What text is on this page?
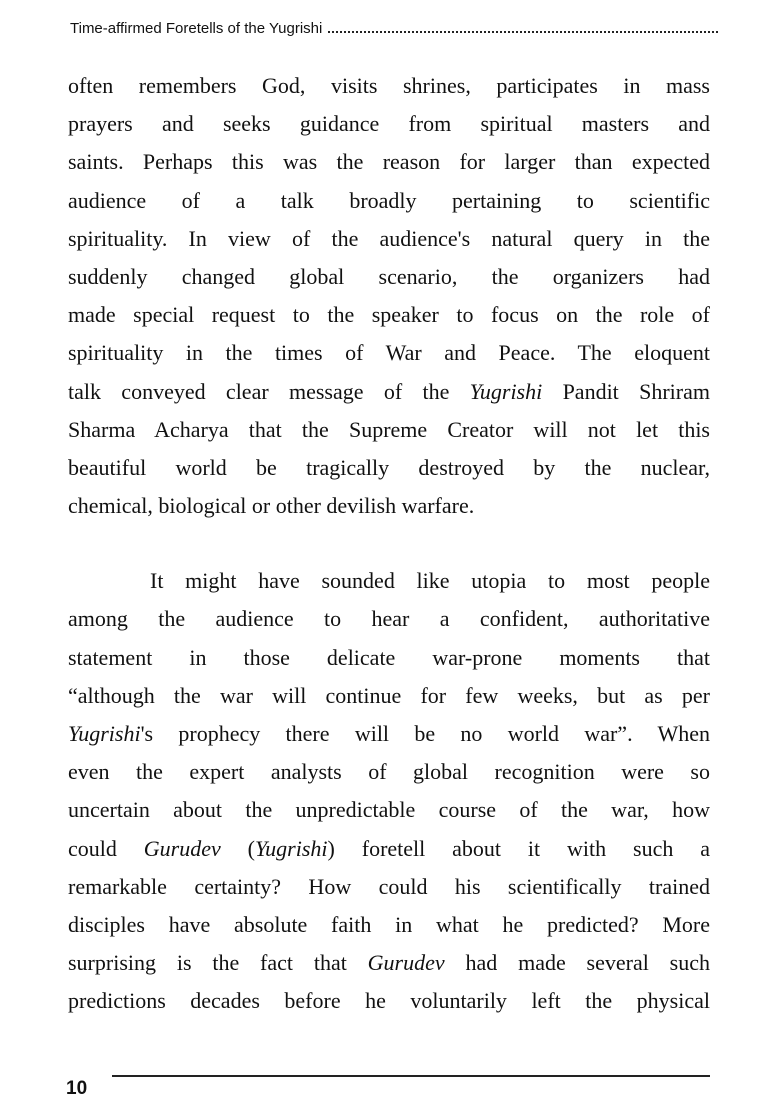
Time-affirmed Foretells of the Yugrishi
often remembers God, visits shrines, participates in mass
prayers and seeks guidance from spiritual masters and
saints. Perhaps this was the reason for larger than expected
audience of a talk broadly pertaining to scientific
spirituality. In view of the audience's natural query in the
suddenly changed global scenario, the organizers had
made special request to the speaker to focus on the role of
spirituality in the times of War and Peace. The eloquent
talk conveyed clear message of the Yugrishi Pandit Shriram
Sharma Acharya that the Supreme Creator will not let this
beautiful world be tragically destroyed by the nuclear,
chemical, biological or other devilish warfare.
It might have sounded like utopia to most people
among the audience to hear a confident, authoritative
statement in those delicate war-prone moments that
“although the war will continue for few weeks, but as per
Yugrishi's prophecy there will be no world war”. When
even the expert analysts of global recognition were so
uncertain about the unpredictable course of the war, how
could Gurudev (Yugrishi) foretell about it with such a
remarkable certainty? How could his scientifically trained
disciples have absolute faith in what he predicted? More
surprising is the fact that Gurudev had made several such
predictions decades before he voluntarily left the physical
10
